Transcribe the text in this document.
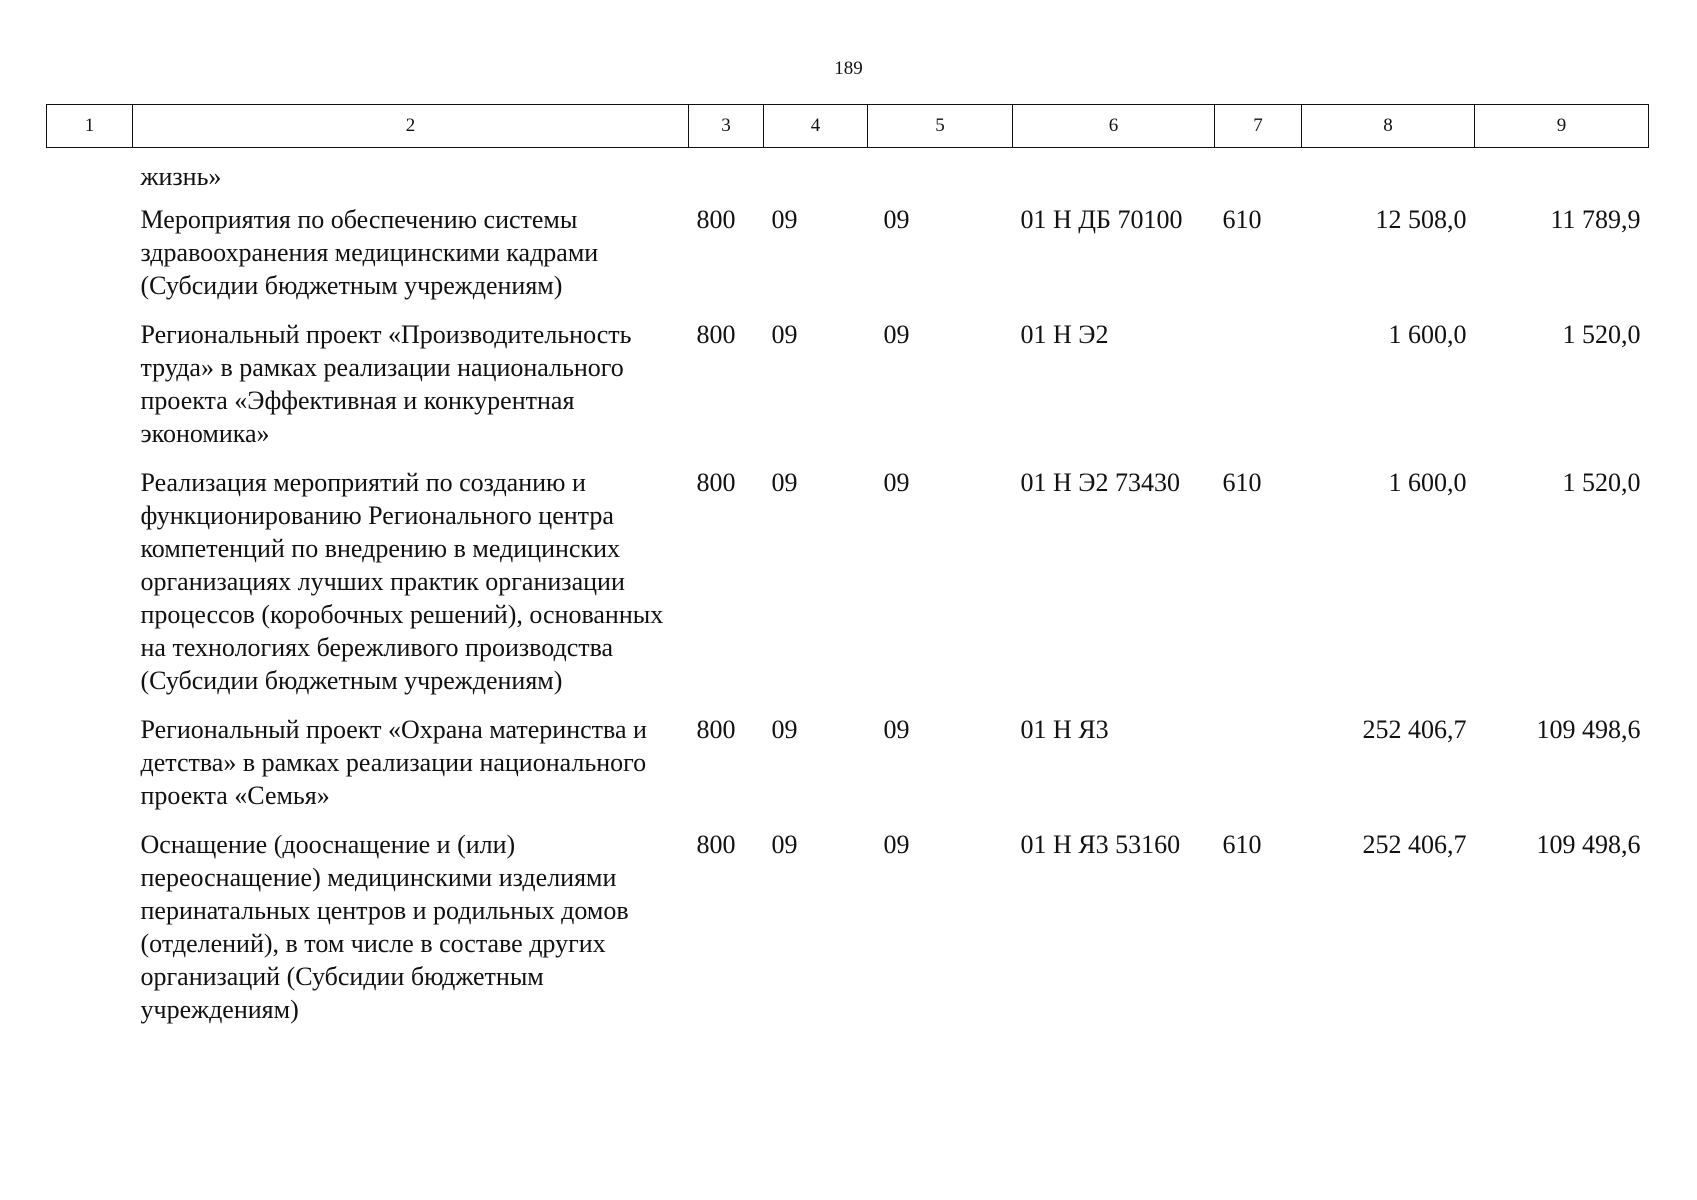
189
1	2	3	4	5	6	7	8	9
	жизнь»							
	Мероприятия по обеспечению системы здравоохранения медицинскими кадрами (Субсидии бюджетным учреждениям)	800	09	09	01 Н ДБ 70100	610	12 508,0	11 789,9
	Региональный проект «Производительность труда» в рамках реализации национального проекта «Эффективная и конкурентная экономика»	800	09	09	01 Н Э2		1 600,0	1 520,0
	Реализация мероприятий по созданию и функционированию Регионального центра компетенций по внедрению в медицинских организациях лучших практик организации процессов (коробочных решений), основанных на технологиях бережливого производства (Субсидии бюджетным учреждениям)	800	09	09	01 Н Э2 73430	610	1 600,0	1 520,0
	Региональный проект «Охрана материнства и детства» в рамках реализации национального проекта «Семья»	800	09	09	01 Н Я3		252 406,7	109 498,6
	Оснащение (дооснащение и (или) переоснащение) медицинскими изделиями перинатальных центров и родильных домов (отделений), в том числе в составе других организаций (Субсидии бюджетным учреждениям)	800	09	09	01 Н Я3 53160	610	252 406,7	109 498,6
